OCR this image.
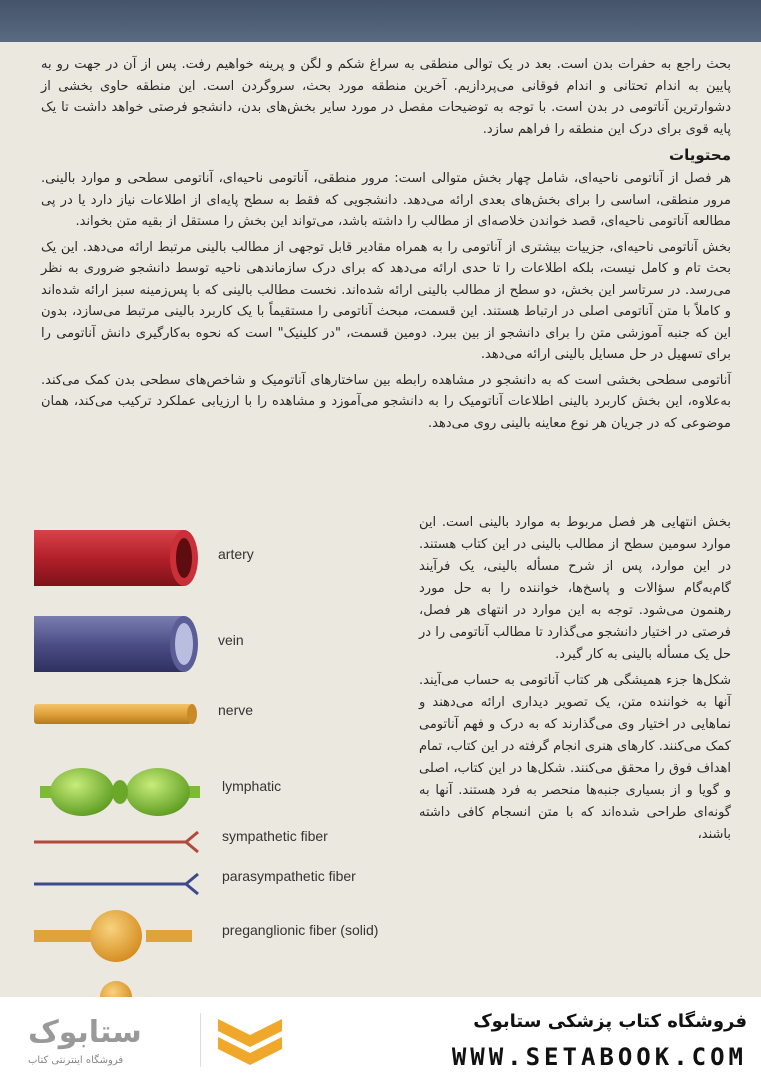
بحث راجع به حفرات بدن است. بعد در یک توالی منطقی به سراغ شکم و لگن و پرینه خواهیم رفت. پس از آن در جهت رو به پایین به اندام تحتانی و اندام فوقانی می‌پردازیم. آخرین منطقه مورد بحث، سروگردن است. این منطقه حاوی بخشی از دشوارترین آناتومی در بدن است. با توجه به توضیحات مفصل در مورد سایر بخش‌های بدن، دانشجو فرصتی خواهد داشت تا یک پایه قوی برای درک این منطقه را فراهم سازد.

محتویات

هر فصل از آناتومی ناحیه‌ای، شامل چهار بخش متوالی است: مرور منطقی، آناتومی ناحیه‌ای، آناتومی سطحی و موارد بالینی. مرور منطقی، اساسی را برای بخش‌های بعدی ارائه می‌دهد. دانشجویی که فقط به سطح پایه‌ای از اطلاعات نیاز دارد یا در پی مطالعه آناتومی ناحیه‌ای، قصد خواندن خلاصه‌ای از مطالب را داشته باشد، می‌تواند این بخش را مستقل از بقیه متن بخواند.

بخش آناتومی ناحیه‌ای، جزییات بیشتری از آناتومی را به همراه مقادیر قابل توجهی از مطالب بالینی مرتبط ارائه می‌دهد. این یک بحث تام و کامل نیست، بلکه اطلاعات را تا حدی ارائه می‌دهد که برای درک سازماندهی ناحیه توسط دانشجو ضروری به نظر می‌رسد. در سرتاسر این بخش، دو سطح از مطالب بالینی ارائه شده‌اند. نخست مطالب بالینی که با پس‌زمینه سبز ارائه شده‌اند و کاملاً با متن آناتومی اصلی در ارتباط هستند. این قسمت، مبحث آناتومی را مستقیماً با یک کاربرد بالینی مرتبط می‌سازد، بدون این که جنبه آموزشی متن را برای دانشجو از بین ببرد. دومین قسمت، "در کلینیک" است که نحوه به‌کارگیری دانش آناتومی را برای تسهیل در حل مسایل بالینی ارائه می‌دهد.

آناتومی سطحی بخشی است که به دانشجو در مشاهده رابطه بین ساختارهای آناتومیک و شاخص‌های سطحی بدن کمک می‌کند. به‌علاوه، این بخش کاربرد بالینی اطلاعات آناتومیک را به دانشجو می‌آموزد و مشاهده را با ارزیابی عملکرد ترکیب می‌کند، همان موضوعی که در جریان هر نوع معاینه بالینی روی می‌دهد.

بخش انتهایی هر فصل مربوط به موارد بالینی است. این موارد سومین سطح از مطالب بالینی در این کتاب هستند. در این موارد، پس از شرح مسأله بالینی، یک فرآیند گام‌به‌گام سؤالات و پاسخ‌ها، خواننده را به حل مورد رهنمون می‌شود. توجه به این موارد در انتهای هر فصل، فرصتی در اختیار دانشجو می‌گذارد تا مطالب آناتومی را در حل یک مسأله بالینی به کار گیرد.

شکل‌ها جزء همیشگی هر کتاب آناتومی به حساب می‌آیند. آنها به خواننده متن، یک تصویر دیداری ارائه می‌دهند و نماهایی در اختیار وی می‌گذارند که به درک و فهم آناتومی کمک می‌کنند. کارهای هنری انجام گرفته در این کتاب، تمام اهداف فوق را محقق می‌کنند. شکل‌ها در این کتاب، اصلی و گویا و از بسیاری جنبه‌ها منحصر به فرد هستند. آنها به گونه‌ای طراحی شده‌اند که با متن انسجام کافی داشته باشند،

artery
vein
nerve
lymphatic
sympathetic fiber
parasympathetic fiber
preganglionic fiber (solid)
ستابوک
فروشگاه اینترنتی کتاب
فروشگاه کتاب پزشکی ستابوک
WWW.SETABOOK.COM
